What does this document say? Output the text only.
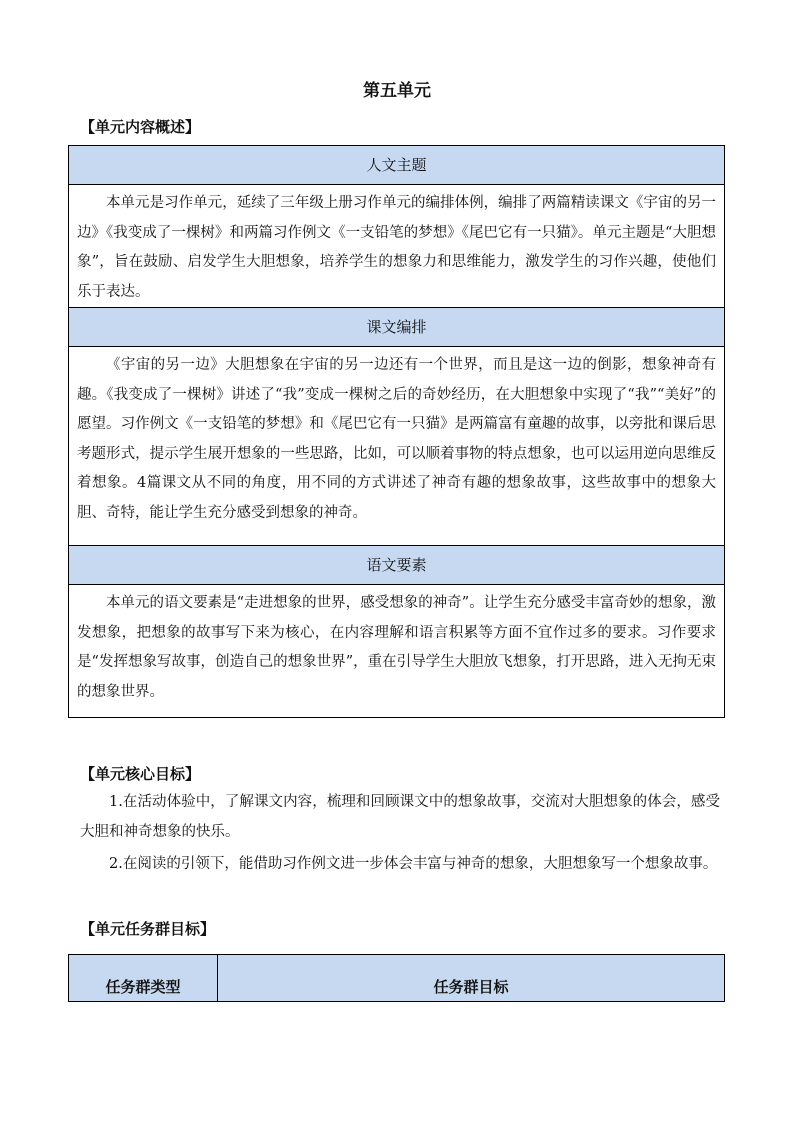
第五单元
【单元内容概述】
人文主题
本单元是习作单元，延续了三年级上册习作单元的编排体例，编排了两篇精读课文《宇宙的另一边》《我变成了一棵树》和两篇习作例文《一支铅笔的梦想》《尾巴它有一只猫》。单元主题是“大胆想象”，旨在鼓励、启发学生大胆想象，培养学生的想象力和思维能力，激发学生的习作兴趣，使他们乐于表达。
课文编排
《宇宙的另一边》大胆想象在宇宙的另一边还有一个世界，而且是这一边的倒影，想象神奇有趣。《我变成了一棵树》讲述了“我”变成一棵树之后的奇妙经历，在大胆想象中实现了“我”“美好”的愿望。习作例文《一支铅笔的梦想》和《尾巴它有一只猫》是两篇富有童趣的故事，以旁批和课后思考题形式，提示学生展开想象的一些思路，比如，可以顺着事物的特点想象，也可以运用逆向思维反着想象。4篇课文从不同的角度，用不同的方式讲述了神奇有趣的想象故事，这些故事中的想象大胆、奇特，能让学生充分感受到想象的神奇。
语文要素
本单元的语文要素是“走进想象的世界，感受想象的神奇”。让学生充分感受丰富奇妙的想象，激发想象，把想象的故事写下来为核心，在内容理解和语言积累等方面不宜作过多的要求。习作要求是“发挥想象写故事，创造自己的想象世界”，重在引导学生大胆放飞想象，打开思路，进入无拘无束的想象世界。
【单元核心目标】
1.在活动体验中，了解课文内容，梳理和回顾课文中的想象故事，交流对大胆想象的体会，感受大胆和神奇想象的快乐。
2.在阅读的引领下，能借助习作例文进一步体会丰富与神奇的想象，大胆想象写一个想象故事。
【单元任务群目标】
任务群类型	任务群目标
